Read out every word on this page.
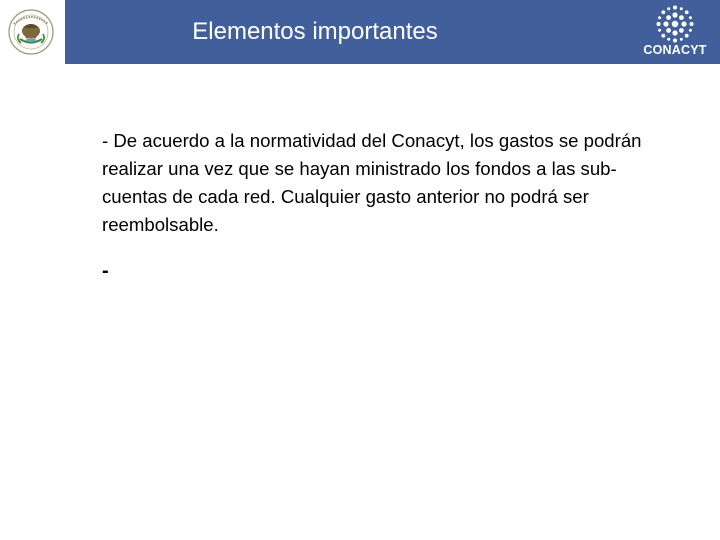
Elementos importantes
CONACYT

- De acuerdo a la normatividad del Conacyt, los gastos se podrán realizar una vez que se hayan ministrado los fondos a las sub-cuentas de cada red. Cualquier gasto anterior no podrá ser reembolsable.

-
